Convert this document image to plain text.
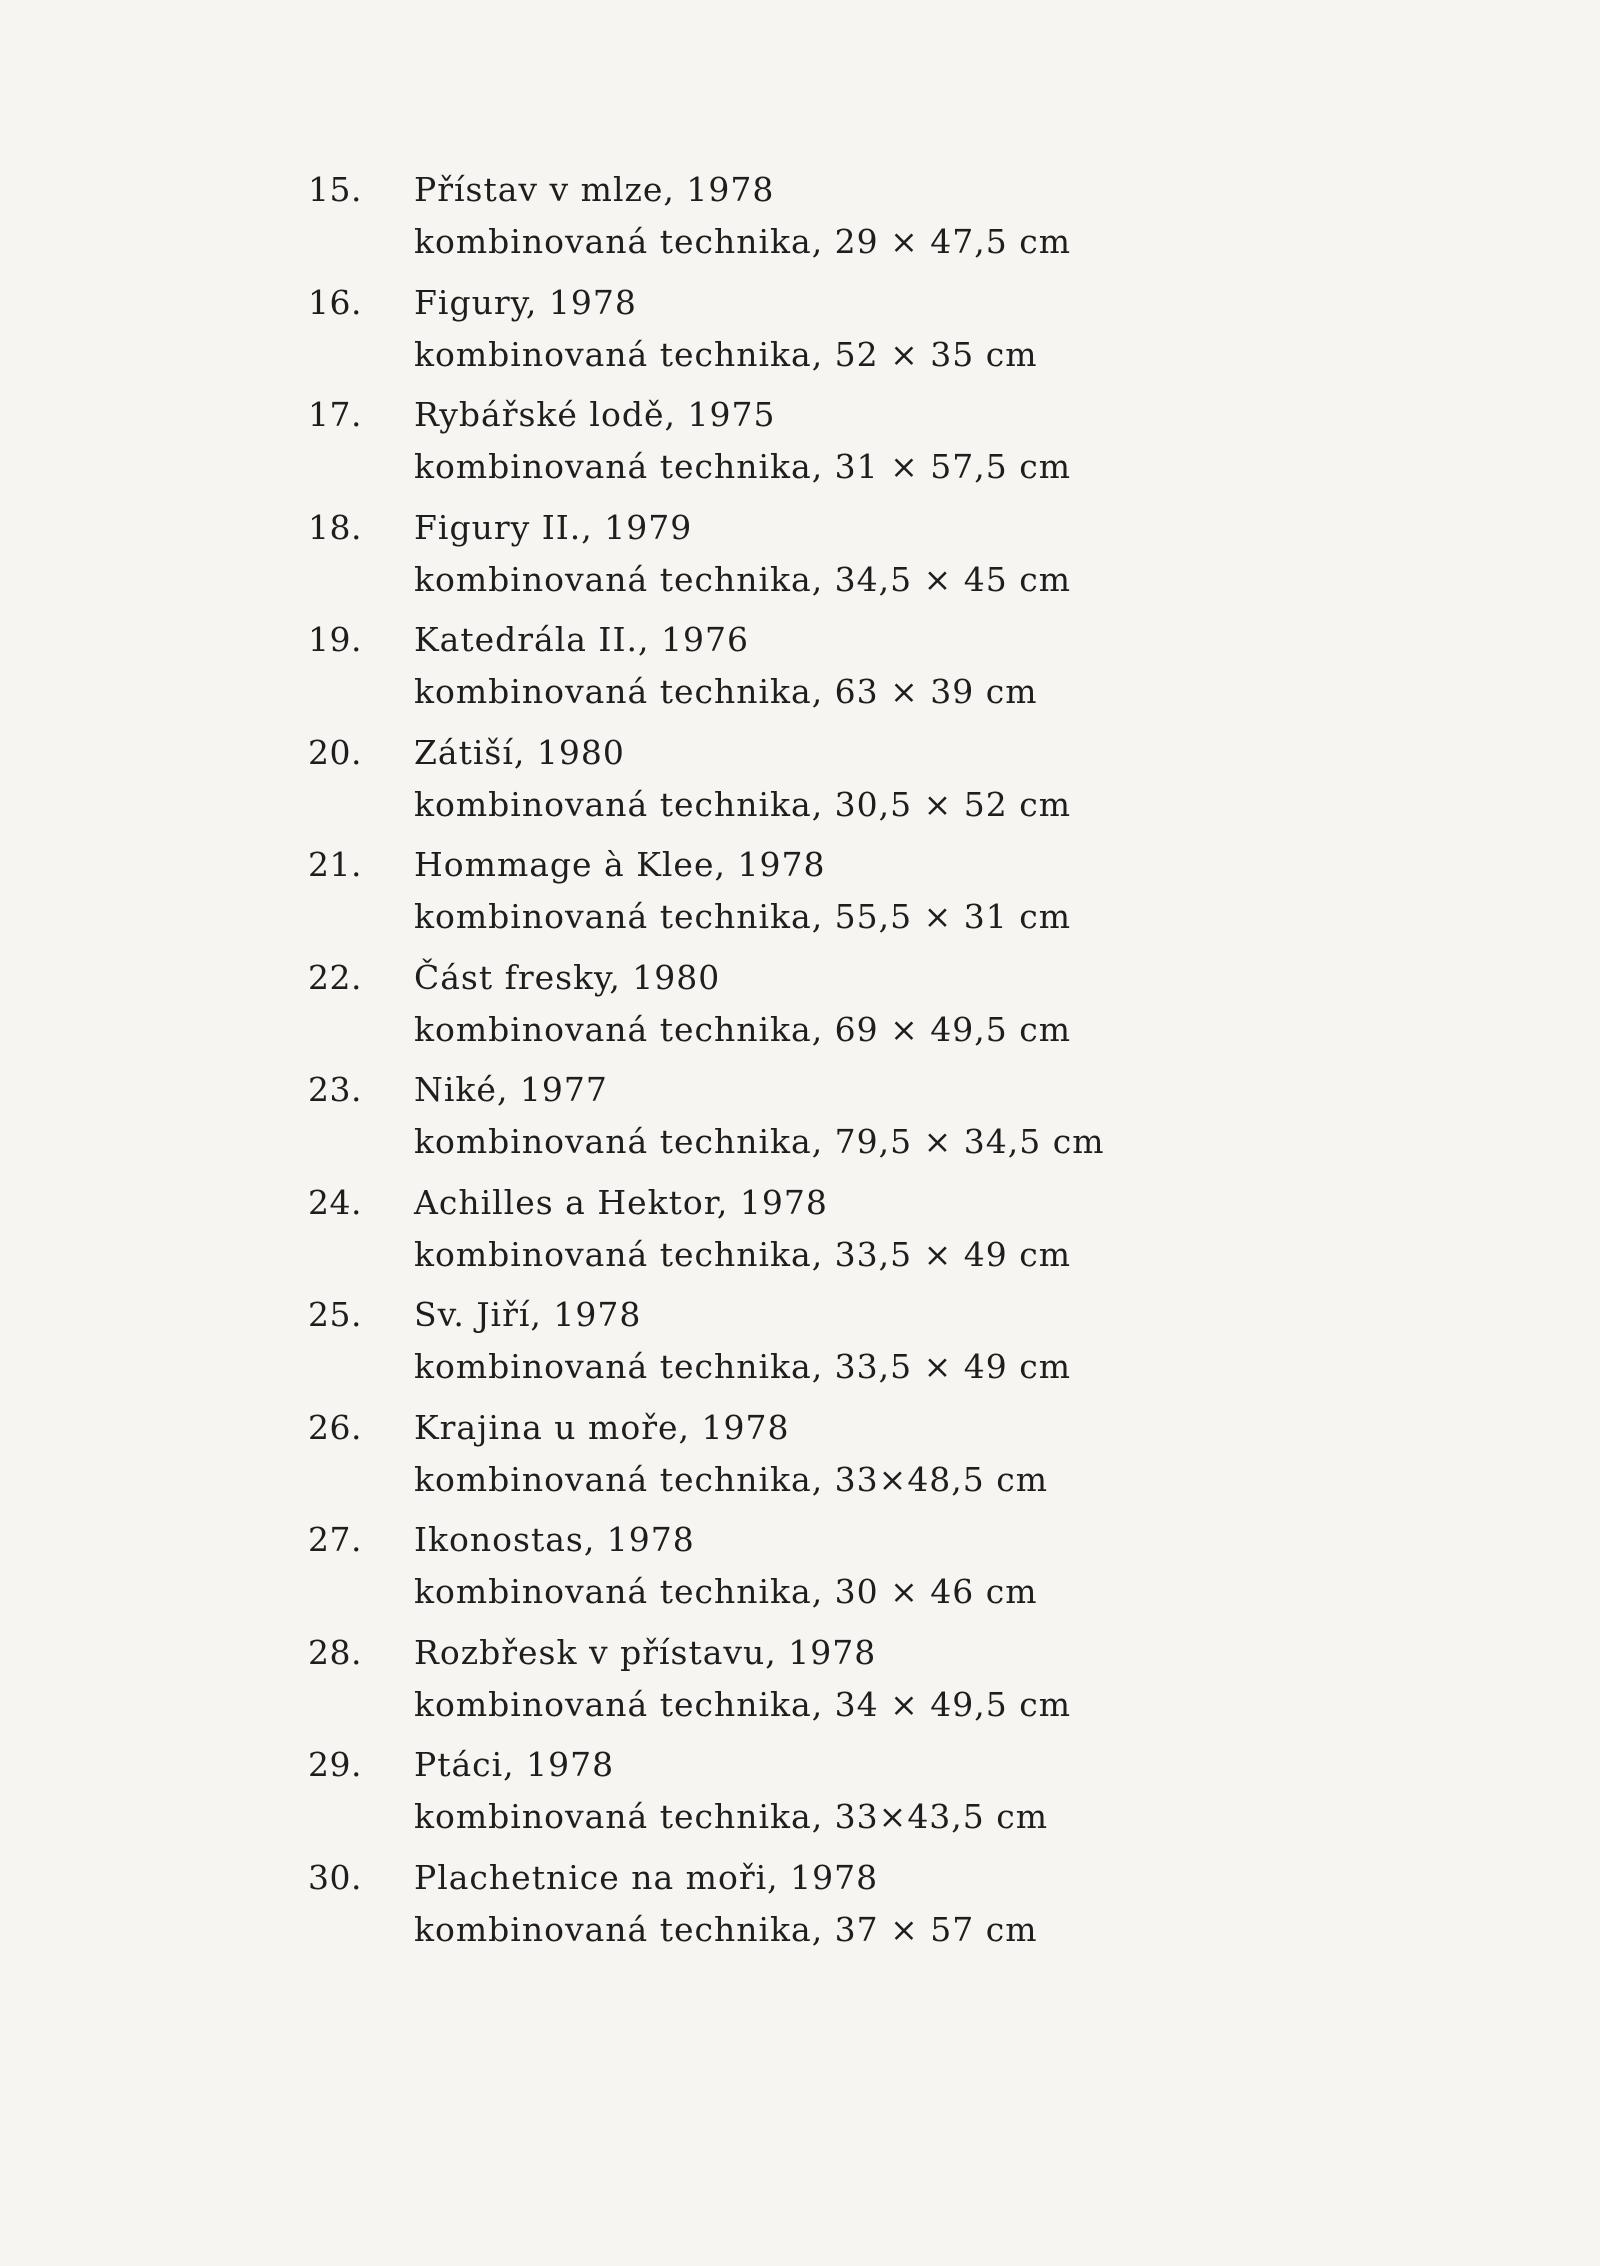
15. Přístav v mlze, 1978
kombinovaná technika, 29 × 47,5 cm
16. Figury, 1978
kombinovaná technika, 52 × 35 cm
17. Rybářské lodě, 1975
kombinovaná technika, 31 × 57,5 cm
18. Figury II., 1979
kombinovaná technika, 34,5 × 45 cm
19. Katedrála II., 1976
kombinovaná technika, 63 × 39 cm
20. Zátiší, 1980
kombinovaná technika, 30,5 × 52 cm
21. Hommage à Klee, 1978
kombinovaná technika, 55,5 × 31 cm
22. Část fresky, 1980
kombinovaná technika, 69 × 49,5 cm
23. Niké, 1977
kombinovaná technika, 79,5 × 34,5 cm
24. Achilles a Hektor, 1978
kombinovaná technika, 33,5 × 49 cm
25. Sv. Jiří, 1978
kombinovaná technika, 33,5 × 49 cm
26. Krajina u moře, 1978
kombinovaná technika, 33×48,5 cm
27. Ikonostas, 1978
kombinovaná technika, 30 × 46 cm
28. Rozbřesk v přístavu, 1978
kombinovaná technika, 34 × 49,5 cm
29. Ptáci, 1978
kombinovaná technika, 33×43,5 cm
30. Plachetnice na moři, 1978
kombinovaná technika, 37 × 57 cm
